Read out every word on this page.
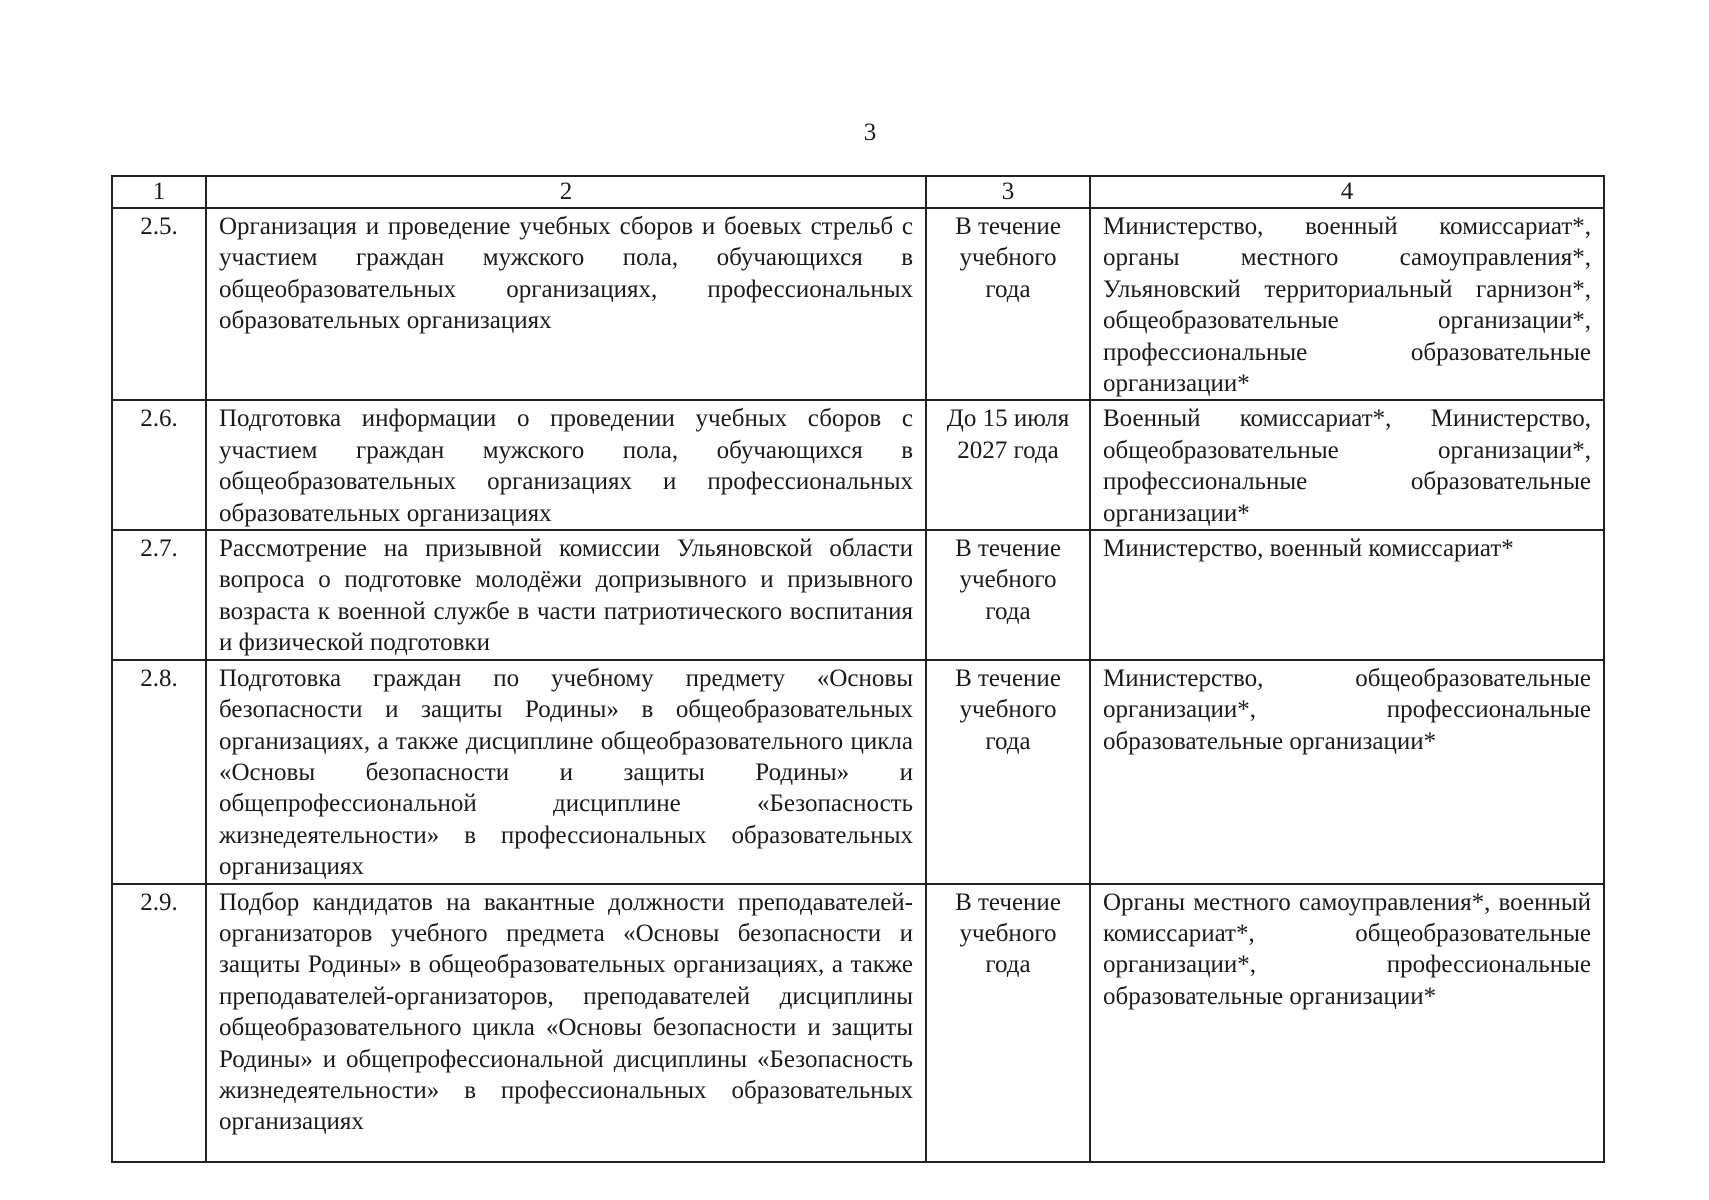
3
1	2	3	4
2.5.	Организация и проведение учебных сборов и боевых стрельб с участием граждан мужского пола, обучающихся в общеобразовательных организациях, профессиональных образовательных организациях	В течение учебного года	Министерство, военный комиссариат*, органы местного самоуправления*, Ульяновский территориальный гарнизон*, общеобразовательные организации*, профессиональные образовательные организации*
2.6.	Подготовка информации о проведении учебных сборов с участием граждан мужского пола, обучающихся в общеобразовательных организациях и профессиональных образовательных организациях	До 15 июля 2027 года	Военный комиссариат*, Министерство, общеобразовательные организации*, профессиональные образовательные организации*
2.7.	Рассмотрение на призывной комиссии Ульяновской области вопроса о подготовке молодёжи допризывного и призывного возраста к военной службе в части патриотического воспитания и физической подготовки	В течение учебного года	Министерство, военный комиссариат*
2.8.	Подготовка граждан по учебному предмету «Основы безопасности и защиты Родины» в общеобразовательных организациях, а также дисциплине общеобразовательного цикла «Основы безопасности и защиты Родины» и общепрофессиональной дисциплине «Безопасность жизнедеятельности» в профессиональных образовательных организациях	В течение учебного года	Министерство, общеобразовательные организации*, профессиональные образовательные организации*
2.9.	Подбор кандидатов на вакантные должности преподавателей-организаторов учебного предмета «Основы безопасности и защиты Родины» в общеобразовательных организациях, а также преподавателей-организаторов, преподавателей дисциплины общеобразовательного цикла «Основы безопасности и защиты Родины» и общепрофессиональной дисциплины «Безопасность жизнедеятельности» в профессиональных образовательных организациях	В течение учебного года	Органы местного самоуправления*, военный комиссариат*, общеобразовательные организации*, профессиональные образовательные организации*
